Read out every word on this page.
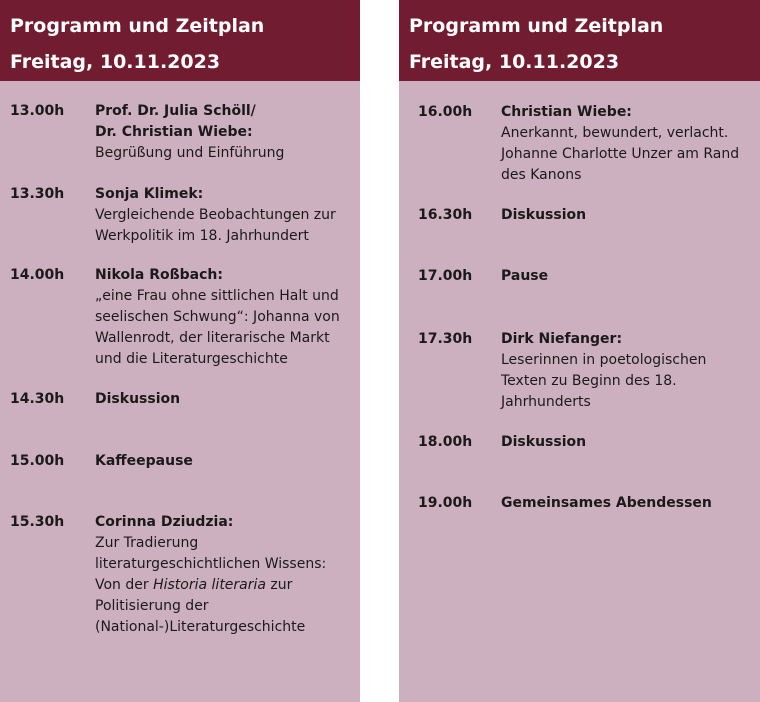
Programm und Zeitplan
Freitag, 10.11.2023
13.00h Prof. Dr. Julia Schöll/
Dr. Christian Wiebe:
Begrüßung und Einführung
13.30h Sonja Klimek:
Vergleichende Beobachtungen zur Werkpolitik im 18. Jahrhundert
14.00h Nikola Roßbach:
„eine Frau ohne sittlichen Halt und seelischen Schwung“: Johanna von Wallenrodt, der literarische Markt und die Literaturgeschichte
14.30h Diskussion
15.00h Kaffeepause
15.30h Corinna Dziudzia:
Zur Tradierung literaturgeschichtlichen Wissens: Von der Historia literaria zur Politisierung der (National-)Literaturgeschichte
Programm und Zeitplan
Freitag, 10.11.2023
16.00h Christian Wiebe:
Anerkannt, bewundert, verlacht. Johanne Charlotte Unzer am Rand des Kanons
16.30h Diskussion
17.00h Pause
17.30h Dirk Niefanger:
Leserinnen in poetologischen Texten zu Beginn des 18. Jahrhunderts
18.00h Diskussion
19.00h Gemeinsames Abendessen
